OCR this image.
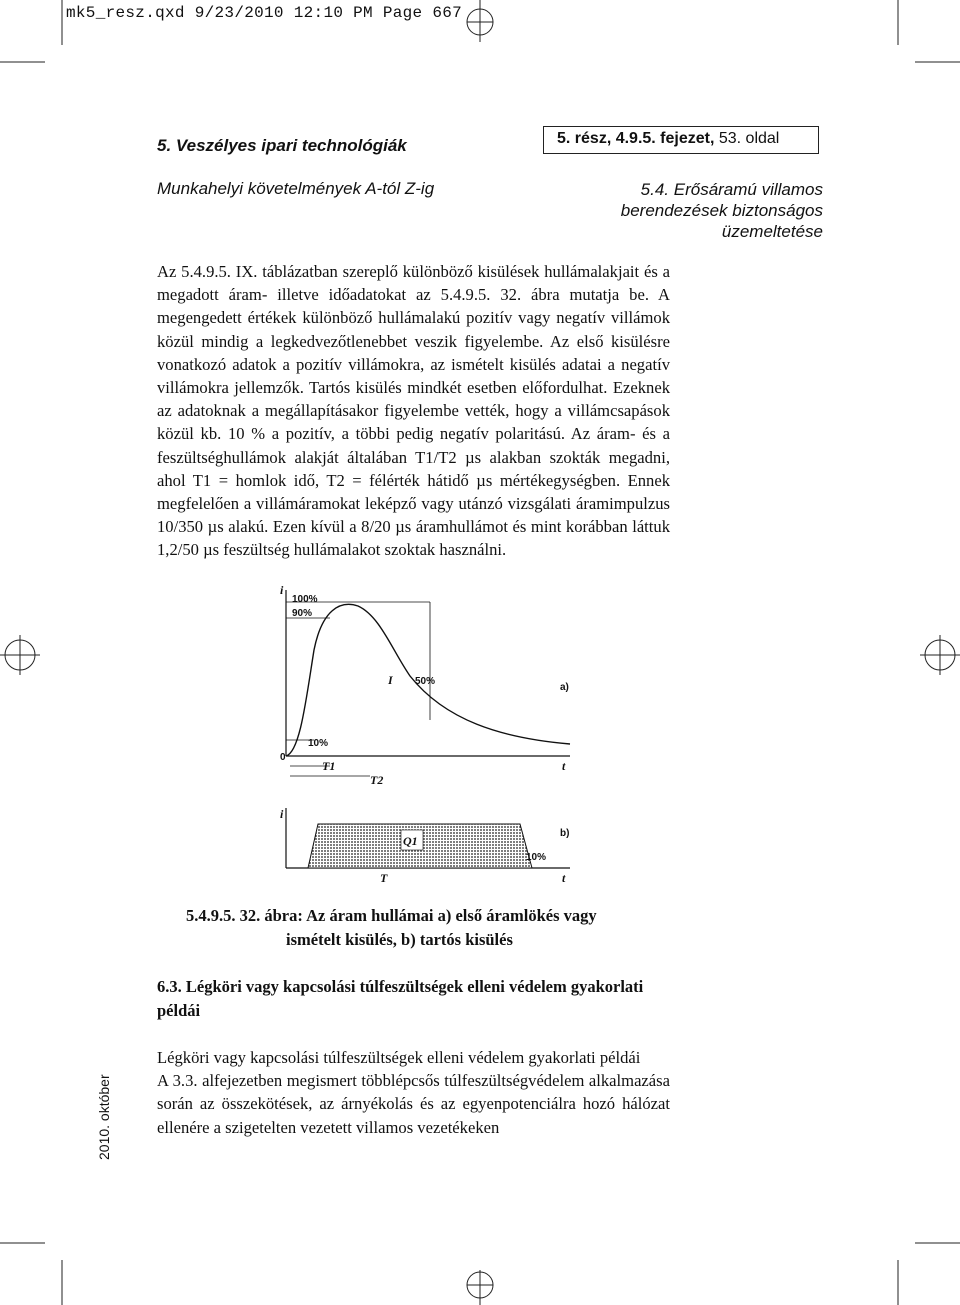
mk5_resz.qxd 9/23/2010 12:10 PM Page 667
5. Veszélyes ipari technológiák
Munkahelyi követelmények A-tól Z-ig
5. rész, 4.9.5. fejezet, 53. oldal
5.4. Erősáramú villamos
berendezések biztonságos
üzemeltetése

Az 5.4.9.5. IX. táblázatban szereplő különböző kisülések hullámalakjait és a megadott áram- illetve időadatokat az 5.4.9.5. 32. ábra mutatja be. A megengedett értékek különböző hullámalakú pozitív vagy negatív villámok közül mindig a legkedvezőtlenebbet veszik figyelembe. Az első kisülésre vonatkozó adatok a pozitív villámokra, az ismételt kisülés adatai a negatív villámokra jellemzők. Tartós kisülés mindkét esetben előfordulhat. Ezeknek az adatoknak a megállapításakor figyelembe vették, hogy a villámcsapások közül kb. 10 % a pozitív, a többi pedig negatív polaritású. Az áram- és a feszültséghullámok alakját általában T1/T2 µs alakban szokták megadni, ahol T1 = homlok idő, T2 = félérték hátidő µs mértékegységben. Ennek megfelelően a villámáramokat leképző vagy utánzó vizsgálati áramimpulzus 10/350 µs alakú. Ezen kívül a 8/20 µs áramhullámot és mint korábban láttuk 1,2/50 µs feszültség hullámalakot szoktak használni.

i
100%
90%
10%
0
I 50%
T1
T2
t
a)
i
Q1
10%
T	t
b)
5.4.9.5. 32. ábra: Az áram hullámai a) első áramlökés vagy
ismételt kisülés, b) tartós kisülés
6.3. Légköri vagy kapcsolási túlfeszültségek elleni védelem gyakorlati példái

Légköri vagy kapcsolási túlfeszültségek elleni védelem gyakorlati példái

A 3.3. alfejezetben megismert többlépcsős túlfeszültségvédelem alkalmazása során az összekötések, az árnyékolás és az egyenpotenciálra hozó hálózat ellenére a szigetelten vezetett villamos vezetékeken

2010. október
